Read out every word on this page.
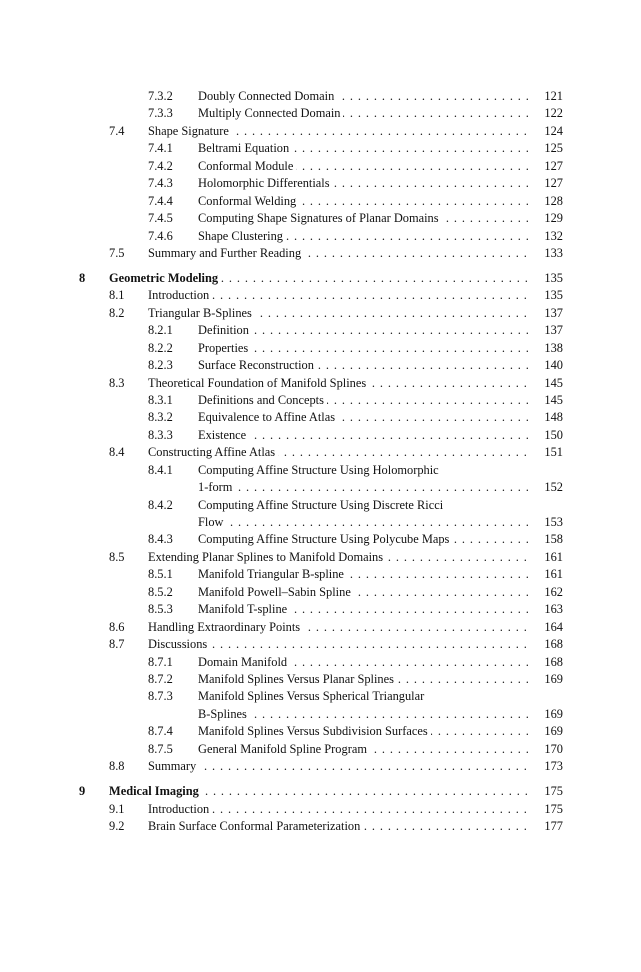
7.3.2 Doubly Connected Domain . . .	121
7.3.3 Multiply Connected Domain . . .	122
7.4 Shape Signature . . .	124
7.4.1 Beltrami Equation . . .	125
7.4.2 Conformal Module . . .	127
7.4.3 Holomorphic Differentials . . .	127
7.4.4 Conformal Welding . . .	128
7.4.5 Computing Shape Signatures of Planar Domains . . .	129
7.4.6 Shape Clustering . . .	132
7.5 Summary and Further Reading . . .	133
8 Geometric Modeling . . .	135
8.1 Introduction . . .	135
8.2 Triangular B-Splines . . .	137
8.2.1 Definition . . .	137
8.2.2 Properties . . .	138
8.2.3 Surface Reconstruction . . .	140
8.3 Theoretical Foundation of Manifold Splines . . .	145
8.3.1 Definitions and Concepts . . .	145
8.3.2 Equivalence to Affine Atlas . . .	148
8.3.3 Existence . . .	150
8.4 Constructing Affine Atlas . . .	151
8.4.1 Computing Affine Structure Using Holomorphic
1-form . . .	152
8.4.2 Computing Affine Structure Using Discrete Ricci
Flow . . .	153
8.4.3 Computing Affine Structure Using Polycube Maps . . .	158
8.5 Extending Planar Splines to Manifold Domains . . .	161
8.5.1 Manifold Triangular B-spline . . .	161
8.5.2 Manifold Powell–Sabin Spline . . .	162
8.5.3 Manifold T-spline . . .	163
8.6 Handling Extraordinary Points . . .	164
8.7 Discussions . . .	168
8.7.1 Domain Manifold . . .	168
8.7.2 Manifold Splines Versus Planar Splines . . .	169
8.7.3 Manifold Splines Versus Spherical Triangular
B-Splines . . .	169
8.7.4 Manifold Splines Versus Subdivision Surfaces . . .	169
8.7.5 General Manifold Spline Program . . .	170
8.8 Summary . . .	173
9 Medical Imaging . . .	175
9.1 Introduction . . .	175
9.2 Brain Surface Conformal Parameterization . . .	177
